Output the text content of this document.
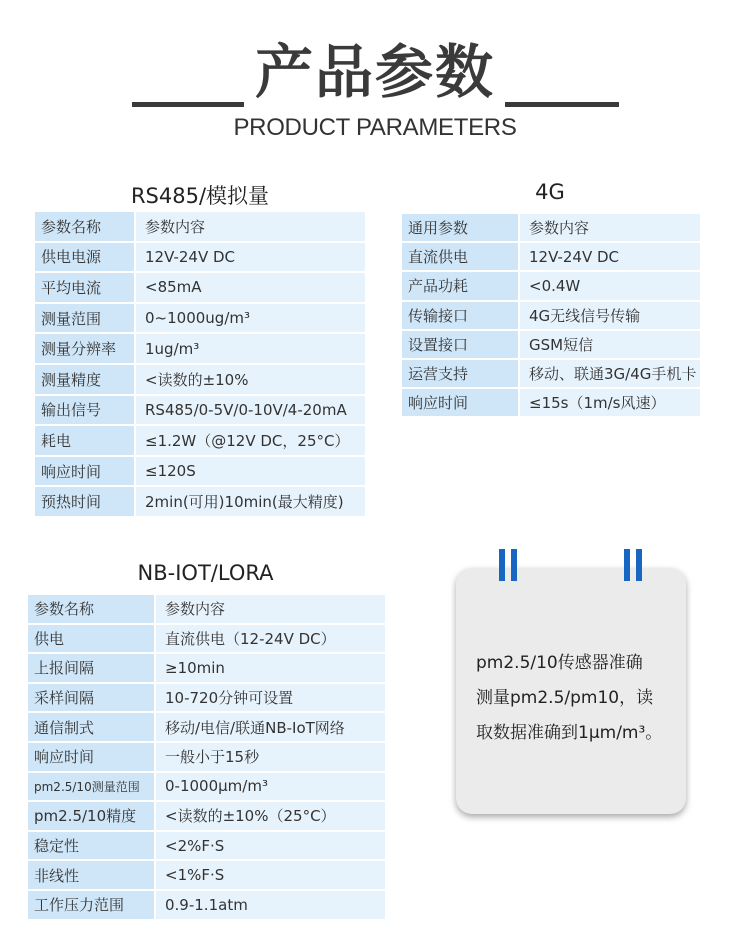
产品参数
PRODUCT PARAMETERS
RS485/模拟量
参数名称	参数内容
供电电源	12V-24V DC
平均电流	<85mA
测量范围	0~1000ug/m³
测量分辨率	1ug/m³
测量精度	<读数的±10%
输出信号	RS485/0-5V/0-10V/4-20mA
耗电	≤1.2W（@12V DC，25°C）
响应时间	≤120S
预热时间	2min(可用)10min(最大精度)
4G
通用参数	参数内容
直流供电	12V-24V DC
产品功耗	<0.4W
传输接口	4G无线信号传输
设置接口	GSM短信
运营支持	移动、联通3G/4G手机卡
响应时间	≤15s（1m/s风速）
NB-IOT/LORA
参数名称	参数内容
供电	直流供电（12-24V DC）
上报间隔	≥10min
采样间隔	10-720分钟可设置
通信制式	移动/电信/联通NB-IoT网络
响应时间	一般小于15秒
pm2.5/10测量范围	0-1000μm/m³
pm2.5/10精度	<读数的±10%（25°C）
稳定性	<2%F·S
非线性	<1%F·S
工作压力范围	0.9-1.1atm
pm2.5/10传感器准确
测量pm2.5/pm10，读
取数据准确到1μm/m³。
